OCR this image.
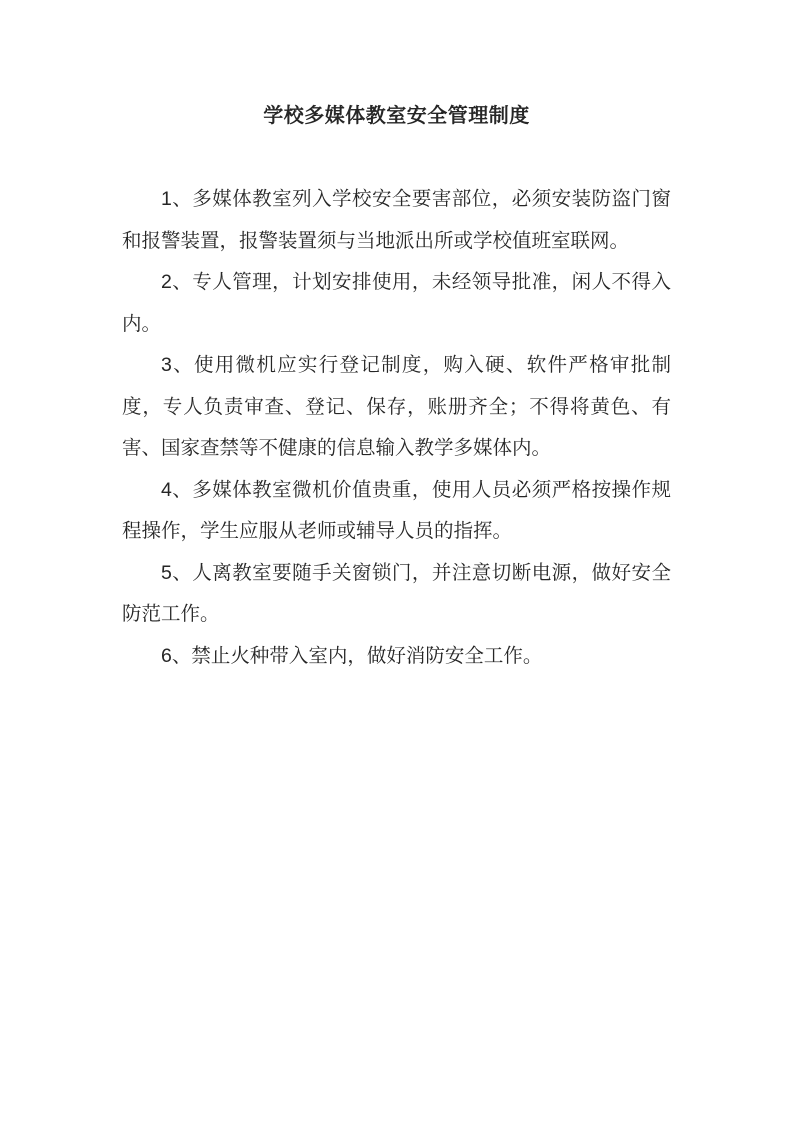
学校多媒体教室安全管理制度

1、多媒体教室列入学校安全要害部位，必须安装防盗门窗和报警装置，报警装置须与当地派出所或学校值班室联网。

2、专人管理，计划安排使用，未经领导批准，闲人不得入内。

3、使用微机应实行登记制度，购入硬、软件严格审批制度，专人负责审查、登记、保存，账册齐全；不得将黄色、有害、国家查禁等不健康的信息输入教学多媒体内。

4、多媒体教室微机价值贵重，使用人员必须严格按操作规程操作，学生应服从老师或辅导人员的指挥。

5、人离教室要随手关窗锁门，并注意切断电源，做好安全防范工作。

6、禁止火种带入室内，做好消防安全工作。
